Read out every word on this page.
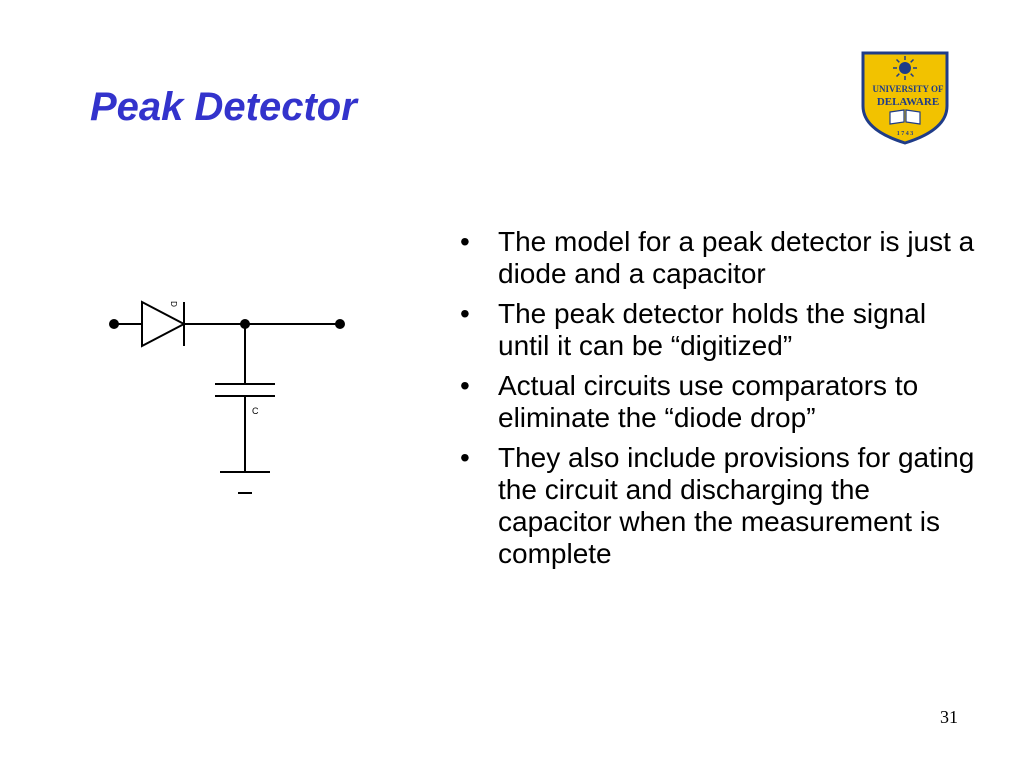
Peak Detector	UNIVERSITY OF
DELAWARE
1 7 4 3
D
C
• The model for a peak detector is just a diode and a capacitor
• The peak detector holds the signal until it can be “digitized”
• Actual circuits use comparators to eliminate the “diode drop”
• They also include provisions for gating the circuit and discharging the capacitor when the measurement is complete
31
